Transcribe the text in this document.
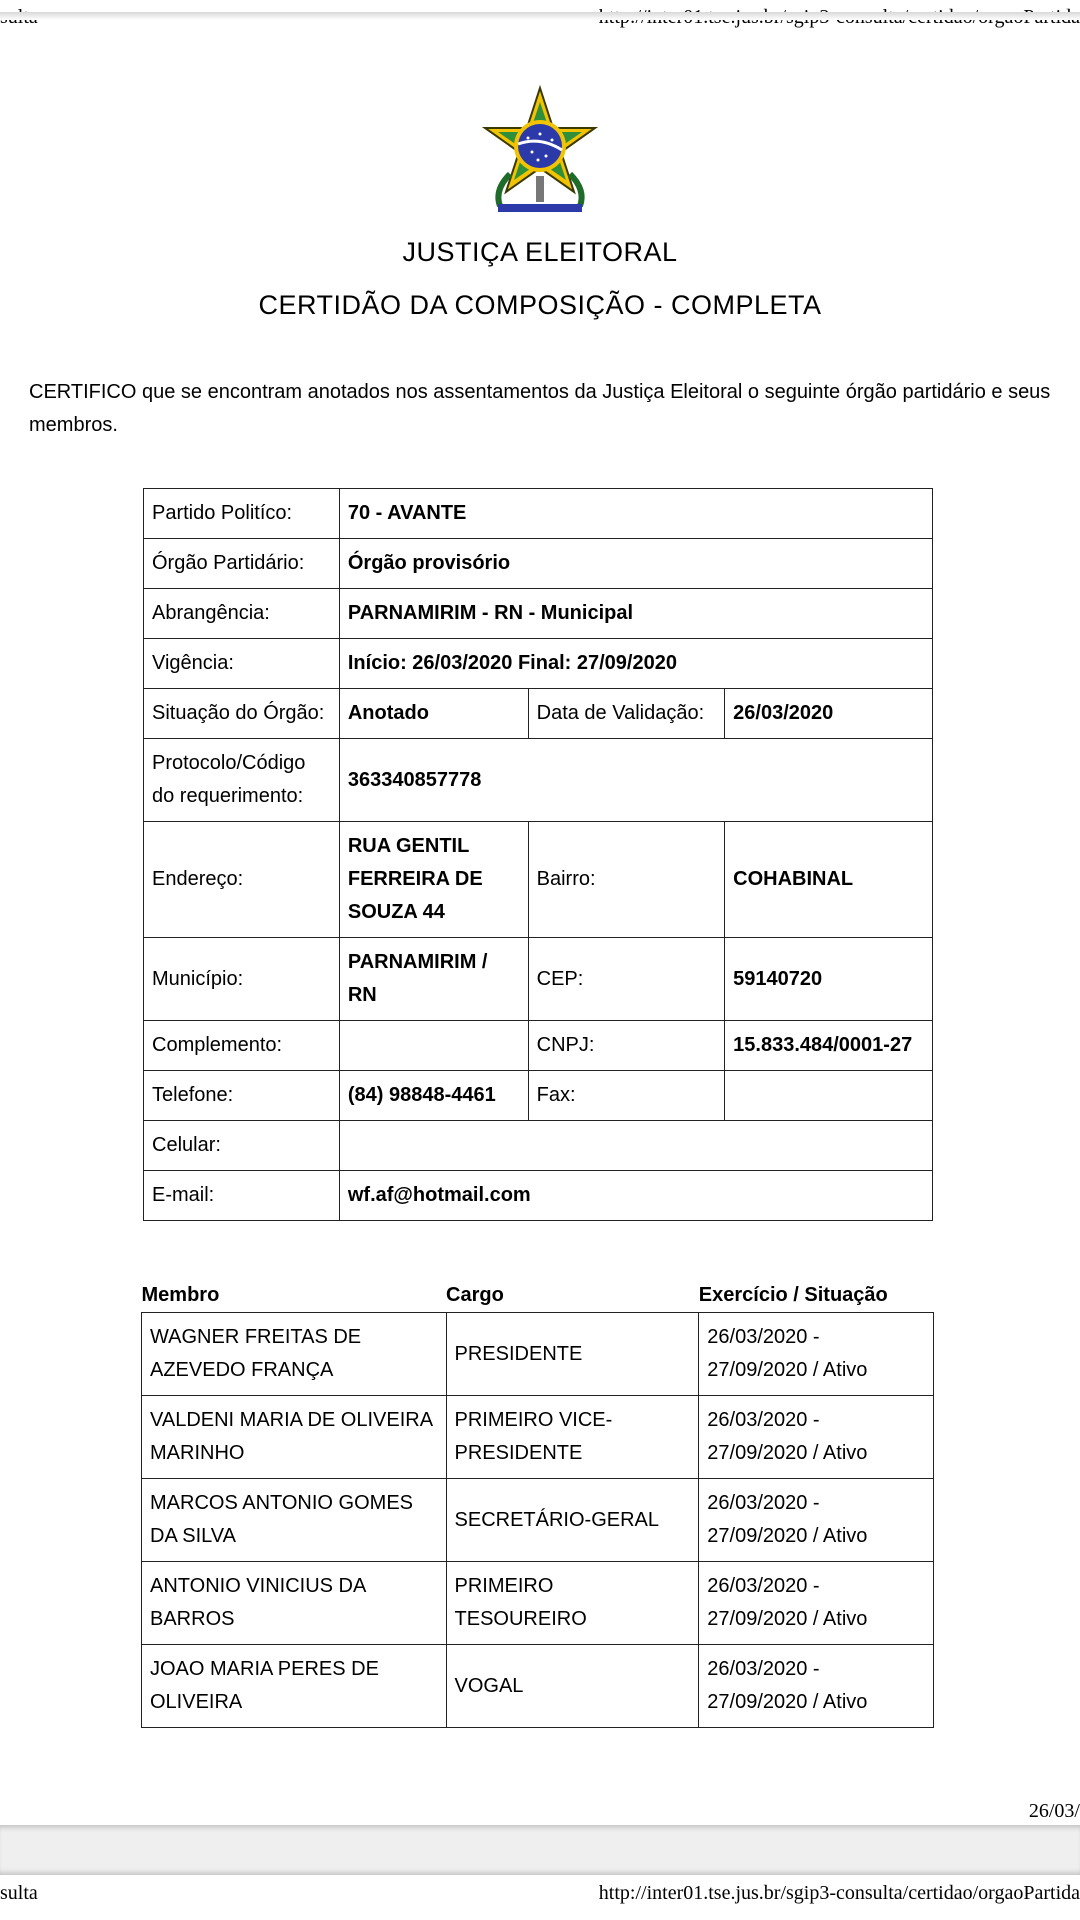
JUSTIÇA ELEITORAL
CERTIDÃO DA COMPOSIÇÃO - COMPLETA
CERTIFICO que se encontram anotados nos assentamentos da Justiça Eleitoral o seguinte órgão partidário e seus membros.
Partido Politíco:	70 - AVANTE		
Órgão Partidário:	Órgão provisório		
Abrangência:	PARNAMIRIM - RN - Municipal		
Vigência:	Início: 26/03/2020 Final: 27/09/2020		
Situação do Órgão:	Anotado	Data de Validação:	26/03/2020
Protocolo/Código do requerimento:	363340857778		
Endereço:	RUA GENTIL FERREIRA DE SOUZA 44	Bairro:	COHABINAL
Município:	PARNAMIRIM / RN	CEP:	59140720
Complemento:		CNPJ:	15.833.484/0001-27
Telefone:	(84) 98848-4461	Fax:	
Celular:			
E-mail:	wf.af@hotmail.com		
Membro	Cargo	Exercício / Situação
WAGNER FREITAS DE AZEVEDO FRANÇA	PRESIDENTE	26/03/2020 - 27/09/2020 / Ativo
VALDENI MARIA DE OLIVEIRA MARINHO	PRIMEIRO VICE-PRESIDENTE	26/03/2020 - 27/09/2020 / Ativo
MARCOS ANTONIO GOMES DA SILVA	SECRETÁRIO-GERAL	26/03/2020 - 27/09/2020 / Ativo
ANTONIO VINICIUS DA BARROS	PRIMEIRO TESOUREIRO	26/03/2020 - 27/09/2020 / Ativo
JOAO MARIA PERES DE OLIVEIRA	VOGAL	26/03/2020 - 27/09/2020 / Ativo
26/03/
sulta	http://inter01.tse.jus.br/sgip3-consulta/certidao/orgaoPartida
